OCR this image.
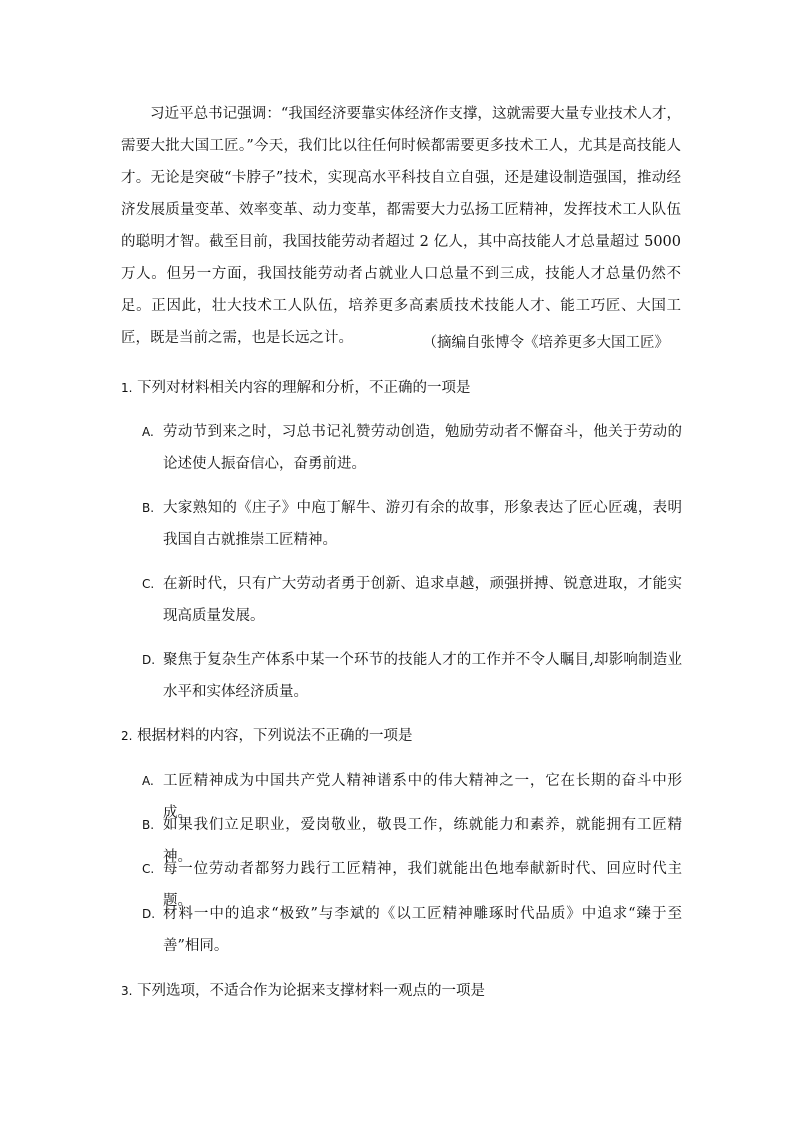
习近平总书记强调：“我国经济要靠实体经济作支撑，这就需要大量专业技术人才，需要大批大国工匠。”今天，我们比以往任何时候都需要更多技术工人，尤其是高技能人才。无论是突破“卡脖子”技术，实现高水平科技自立自强，还是建设制造强国，推动经济发展质量变革、效率变革、动力变革，都需要大力弘扬工匠精神，发挥技术工人队伍的聪明才智。截至目前，我国技能劳动者超过 2 亿人，其中高技能人才总量超过 5000 万人。但另一方面，我国技能劳动者占就业人口总量不到三成，技能人才总量仍然不足。正因此，壮大技术工人队伍，培养更多高素质技术技能人才、能工巧匠、大国工匠，既是当前之需，也是长远之计。	（摘编自张博令《培养更多大国工匠》
1. 下列对材料相关内容的理解和分析，不正确的一项是
A. 劳动节到来之时，习总书记礼赞劳动创造，勉励劳动者不懈奋斗，他关于劳动的论述使人振奋信心，奋勇前进。
B. 大家熟知的《庄子》中庖丁解牛、游刃有余的故事，形象表达了匠心匠魂，表明我国自古就推崇工匠精神。
C. 在新时代，只有广大劳动者勇于创新、追求卓越，顽强拼搏、锐意进取，才能实现高质量发展。
D. 聚焦于复杂生产体系中某一个环节的技能人才的工作并不令人瞩目,却影响制造业水平和实体经济质量。
2. 根据材料的内容，下列说法不正确的一项是
A. 工匠精神成为中国共产党人精神谱系中的伟大精神之一，它在长期的奋斗中形成。
B. 如果我们立足职业，爱岗敬业，敬畏工作，练就能力和素养，就能拥有工匠精神。
C. 每一位劳动者都努力践行工匠精神，我们就能出色地奉献新时代、回应时代主题。
D. 材料一中的追求“极致”与李斌的《以工匠精神雕琢时代品质》中追求“臻于至善”相同。
3. 下列选项，不适合作为论据来支撑材料一观点的一项是
